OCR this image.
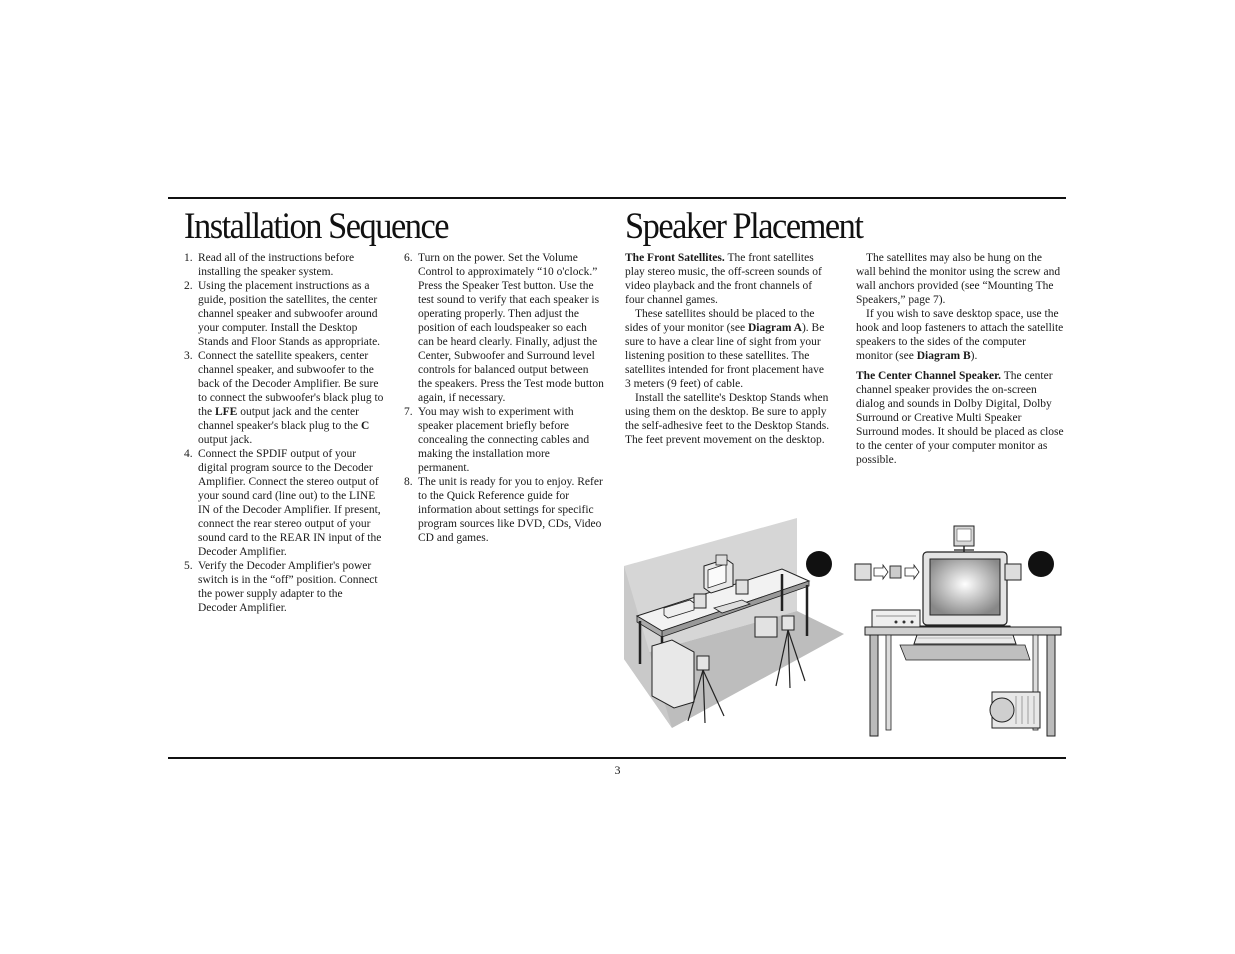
Installation Sequence	Speaker Placement
1. Read all of the instructions before installing the speaker system.
2. Using the placement instructions as a guide, position the satellites, the center channel speaker and subwoofer around your computer. Install the Desktop Stands and Floor Stands as appropriate.
3. Connect the satellite speakers, center channel speaker, and subwoofer to the back of the Decoder Amplifier. Be sure to connect the subwoofer's black plug to the LFE output jack and the center channel speaker's black plug to the C output jack.
4. Connect the SPDIF output of your digital program source to the Decoder Amplifier. Connect the stereo output of your sound card (line out) to the LINE IN of the Decoder Amplifier. If present, connect the rear stereo output of your sound card to the REAR IN input of the Decoder Amplifier.
5. Verify the Decoder Amplifier's power switch is in the “off” position. Connect the power supply adapter to the Decoder Amplifier.
6. Turn on the power. Set the Volume Control to approximately “10 o'clock.” Press the Speaker Test button. Use the test sound to verify that each speaker is operating properly. Then adjust the position of each loudspeaker so each can be heard clearly. Finally, adjust the Center, Subwoofer and Surround level controls for balanced output between the speakers. Press the Test mode button again, if necessary.
7. You may wish to experiment with speaker placement briefly before concealing the connecting cables and making the installation more permanent.
8. The unit is ready for you to enjoy. Refer to the Quick Reference guide for information about settings for specific program sources like DVD, CDs, Video CD and games.

The Front Satellites. The front satellites play stereo music, the off-screen sounds of video playback and the front channels of four channel games.

These satellites should be placed to the sides of your monitor (see Diagram A). Be sure to have a clear line of sight from your listening position to these satellites. The satellites intended for front placement have 3 meters (9 feet) of cable.

Install the satellite's Desktop Stands when using them on the desktop. Be sure to apply the self-adhesive feet to the Desktop Stands. The feet prevent movement on the desktop.

The satellites may also be hung on the wall behind the monitor using the screw and wall anchors provided (see “Mounting The Speakers,” page 7).

If you wish to save desktop space, use the hook and loop fasteners to attach the satellite speakers to the sides of the computer monitor (see Diagram B).

The Center Channel Speaker. The center channel speaker provides the on-screen dialog and sounds in Dolby Digital, Dolby Surround or Creative Multi Speaker Surround modes. It should be placed as close to the center of your computer monitor as possible.

3
